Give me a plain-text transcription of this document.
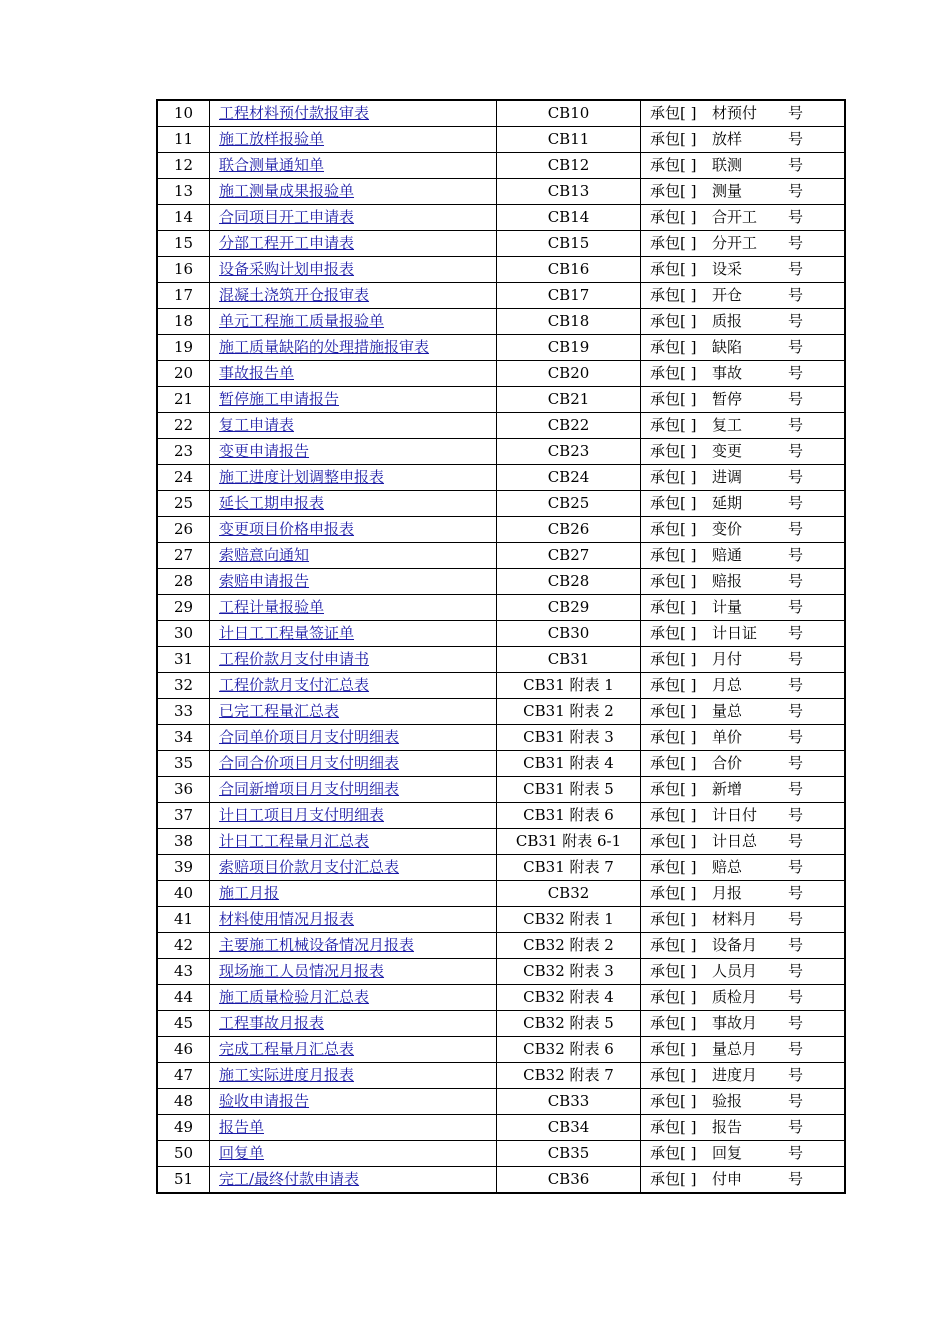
10	工程材料预付款报审表	CB10	承包[ ] 材预付 号
11	施工放样报验单	CB11	承包[ ] 放样 号
12	联合测量通知单	CB12	承包[ ] 联测 号
13	施工测量成果报验单	CB13	承包[ ] 测量 号
14	合同项目开工申请表	CB14	承包[ ] 合开工 号
15	分部工程开工申请表	CB15	承包[ ] 分开工 号
16	设备采购计划申报表	CB16	承包[ ] 设采 号
17	混凝土浇筑开仓报审表	CB17	承包[ ] 开仓 号
18	单元工程施工质量报验单	CB18	承包[ ] 质报 号
19	施工质量缺陷的处理措施报审表	CB19	承包[ ] 缺陷 号
20	事故报告单	CB20	承包[ ] 事故 号
21	暂停施工申请报告	CB21	承包[ ] 暂停 号
22	复工申请表	CB22	承包[ ] 复工 号
23	变更申请报告	CB23	承包[ ] 变更 号
24	施工进度计划调整申报表	CB24	承包[ ] 进调 号
25	延长工期申报表	CB25	承包[ ] 延期 号
26	变更项目价格申报表	CB26	承包[ ] 变价 号
27	索赔意向通知	CB27	承包[ ] 赔通 号
28	索赔申请报告	CB28	承包[ ] 赔报 号
29	工程计量报验单	CB29	承包[ ] 计量 号
30	计日工工程量签证单	CB30	承包[ ] 计日证 号
31	工程价款月支付申请书	CB31	承包[ ] 月付 号
32	工程价款月支付汇总表	CB31 附表 1	承包[ ] 月总 号
33	已完工程量汇总表	CB31 附表 2	承包[ ] 量总 号
34	合同单价项目月支付明细表	CB31 附表 3	承包[ ] 单价 号
35	合同合价项目月支付明细表	CB31 附表 4	承包[ ] 合价 号
36	合同新增项目月支付明细表	CB31 附表 5	承包[ ] 新增 号
37	计日工项目月支付明细表	CB31 附表 6	承包[ ] 计日付 号
38	计日工工程量月汇总表	CB31 附表 6-1	承包[ ] 计日总 号
39	索赔项目价款月支付汇总表	CB31 附表 7	承包[ ] 赔总 号
40	施工月报	CB32	承包[ ] 月报 号
41	材料使用情况月报表	CB32 附表 1	承包[ ] 材料月 号
42	主要施工机械设备情况月报表	CB32 附表 2	承包[ ] 设备月 号
43	现场施工人员情况月报表	CB32 附表 3	承包[ ] 人员月 号
44	施工质量检验月汇总表	CB32 附表 4	承包[ ] 质检月 号
45	工程事故月报表	CB32 附表 5	承包[ ] 事故月 号
46	完成工程量月汇总表	CB32 附表 6	承包[ ] 量总月 号
47	施工实际进度月报表	CB32 附表 7	承包[ ] 进度月 号
48	验收申请报告	CB33	承包[ ] 验报 号
49	报告单	CB34	承包[ ] 报告 号
50	回复单	CB35	承包[ ] 回复 号
51	完工/最终付款申请表	CB36	承包[ ] 付申 号
